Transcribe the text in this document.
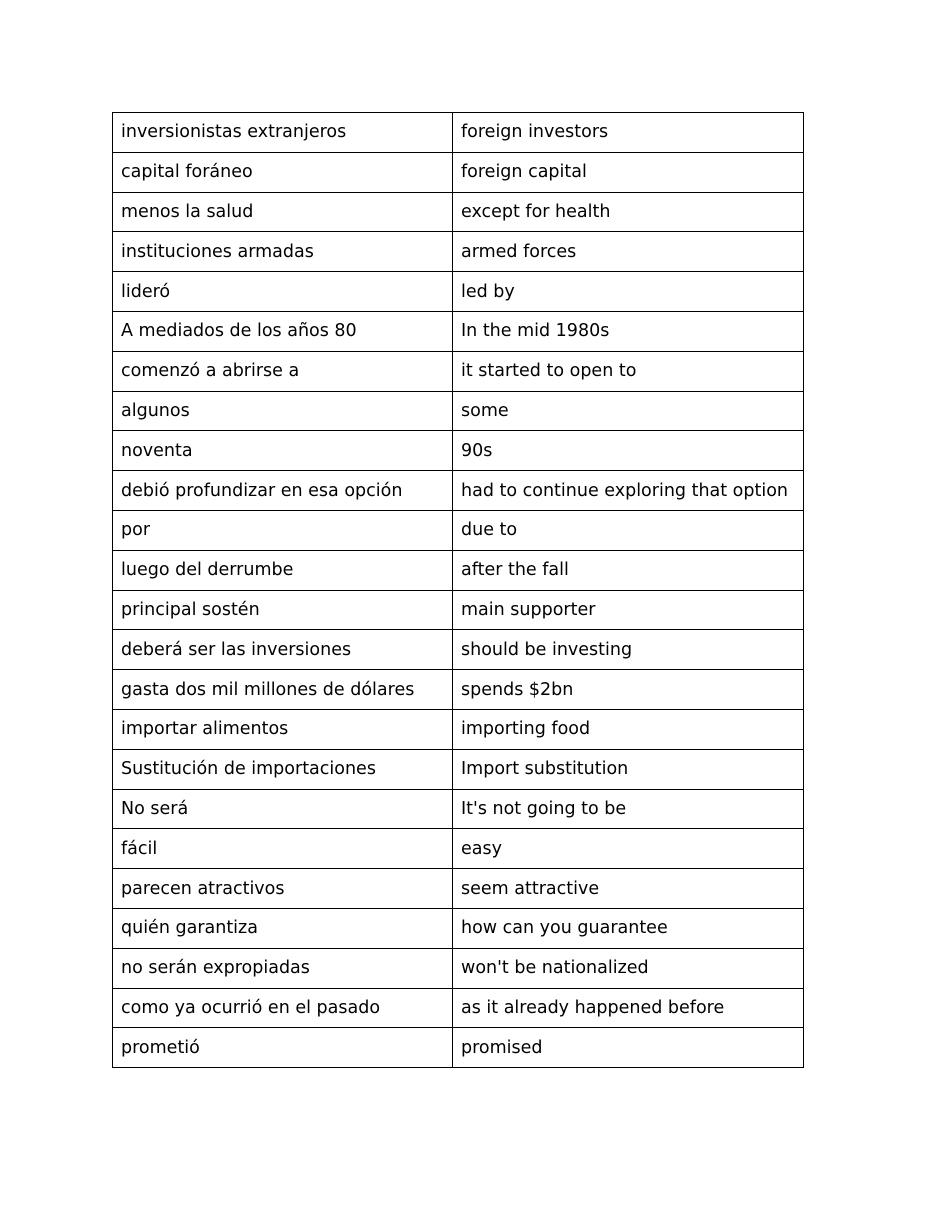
inversionistas extranjeros	foreign investors
capital foráneo	foreign capital
menos la salud	except for health
instituciones armadas	armed forces
lideró	led by
A mediados de los años 80	In the mid 1980s
comenzó a abrirse a	it started to open to
algunos	some
noventa	90s
debió profundizar en esa opción	had to continue exploring that option
por	due to
luego del derrumbe	after the fall
principal sostén	main supporter
deberá ser las inversiones	should be investing
gasta dos mil millones de dólares	spends $2bn
importar alimentos	importing food
Sustitución de importaciones	Import substitution
No será	It's not going to be
fácil	easy
parecen atractivos	seem attractive
quién garantiza	how can you guarantee
no serán expropiadas	won't be nationalized
como ya ocurrió en el pasado	as it already happened before
prometió	promised
